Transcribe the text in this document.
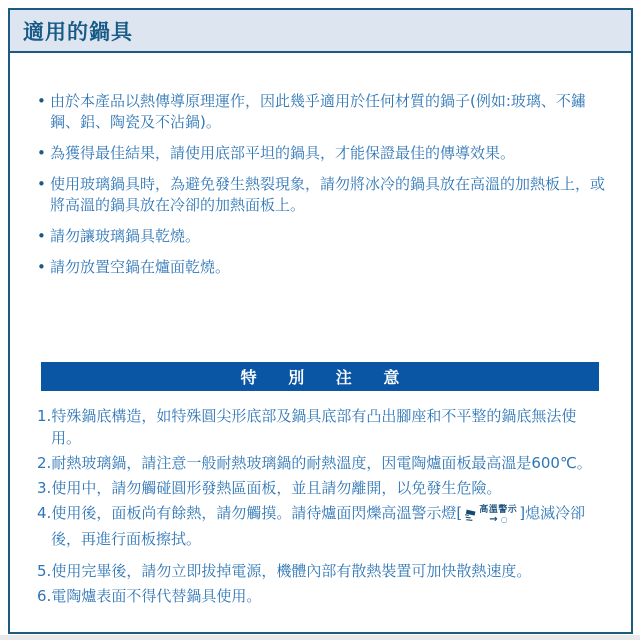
適用的鍋具
• 由於本產品以熱傳導原理運作，因此幾乎適用於任何材質的鍋子(例如:玻璃、不鏽鋼、鋁、陶瓷及不沾鍋)。
• 為獲得最佳結果，請使用底部平坦的鍋具，才能保證最佳的傳導效果。
• 使用玻璃鍋具時，為避免發生熱裂現象，請勿將冰冷的鍋具放在高溫的加熱板上，或將高溫的鍋具放在冷卻的加熱面板上。
• 請勿讓玻璃鍋具乾燒。
• 請勿放置空鍋在爐面乾燒。
特 別 注 意
1.特殊鍋底構造，如特殊圓尖形底部及鍋具底部有凸出腳座和不平整的鍋底無法使用。
2.耐熱玻璃鍋，請注意一般耐熱玻璃鍋的耐熱溫度，因電陶爐面板最高溫是600℃。
3.使用中，請勿觸碰圓形發熱區面板，並且請勿離開，以免發生危險。
4.使用後，面板尚有餘熱，請勿觸摸。請待爐面閃爍高溫警示燈[ 高溫警示
→ ○ ]熄滅冷卻後，再進行面板擦拭。
5.使用完畢後，請勿立即拔掉電源，機體內部有散熱裝置可加快散熱速度。
6.電陶爐表面不得代替鍋具使用。
